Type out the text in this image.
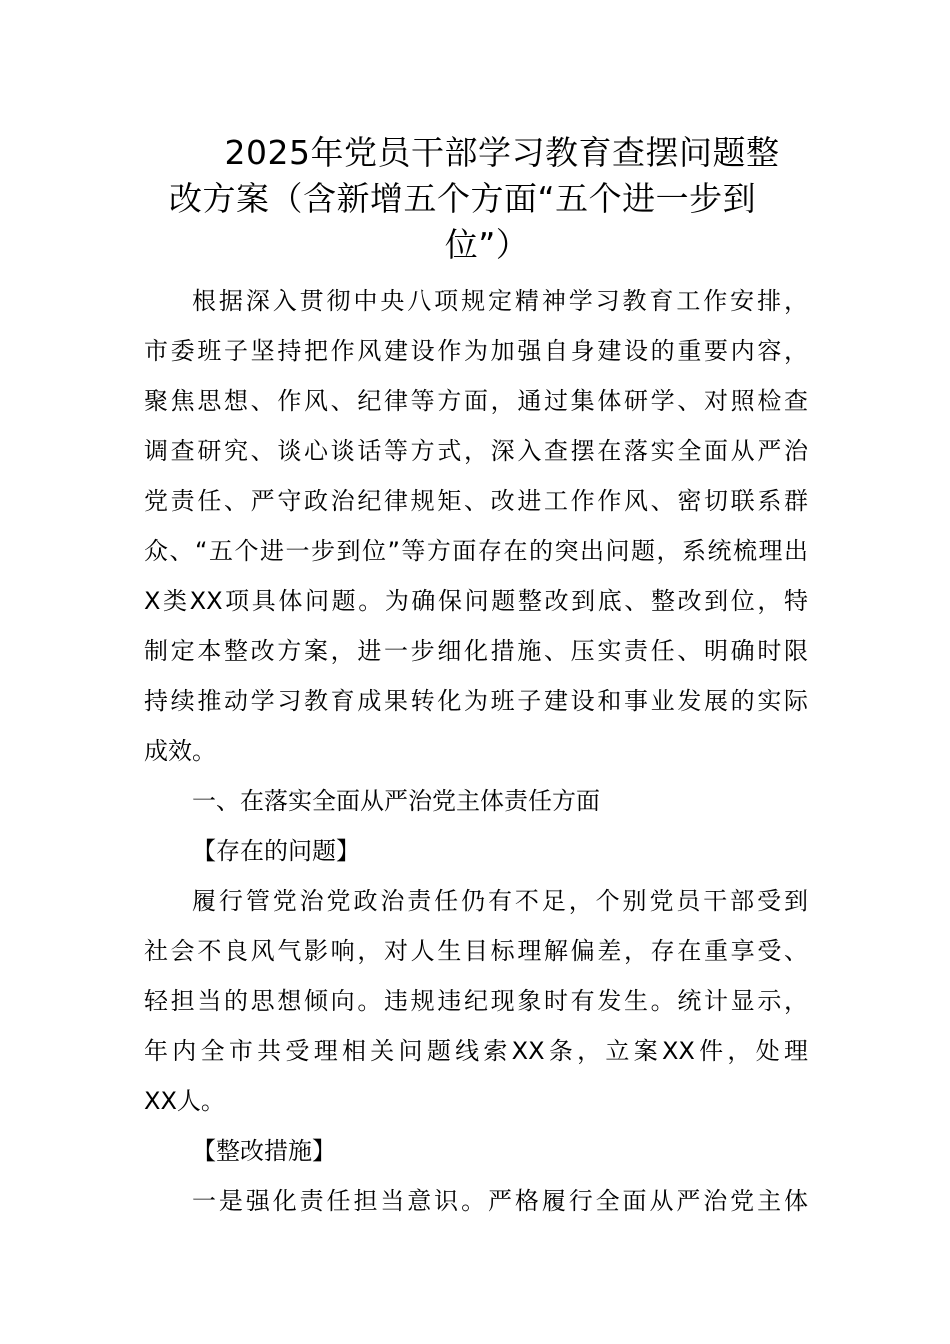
2025年党员干部学习教育查摆问题整
改方案（含新增五个方面“五个进一步到
位”）
根据深入贯彻中央八项规定精神学习教育工作安排，
市委班子坚持把作风建设作为加强自身建设的重要内容，
聚焦思想、作风、纪律等方面，通过集体研学、对照检查
调查研究、谈心谈话等方式，深入查摆在落实全面从严治
党责任、严守政治纪律规矩、改进工作作风、密切联系群
众、“五个进一步到位”等方面存在的突出问题，系统梳理出
X类XX项具体问题。为确保问题整改到底、整改到位，特
制定本整改方案，进一步细化措施、压实责任、明确时限
持续推动学习教育成果转化为班子建设和事业发展的实际
成效。
一、在落实全面从严治党主体责任方面
【存在的问题】
履行管党治党政治责任仍有不足，个别党员干部受到
社会不良风气影响，对人生目标理解偏差，存在重享受、
轻担当的思想倾向。违规违纪现象时有发生。统计显示，
年内全市共受理相关问题线索XX条，立案XX件，处理
XX人。
【整改措施】
一是强化责任担当意识。严格履行全面从严治党主体
